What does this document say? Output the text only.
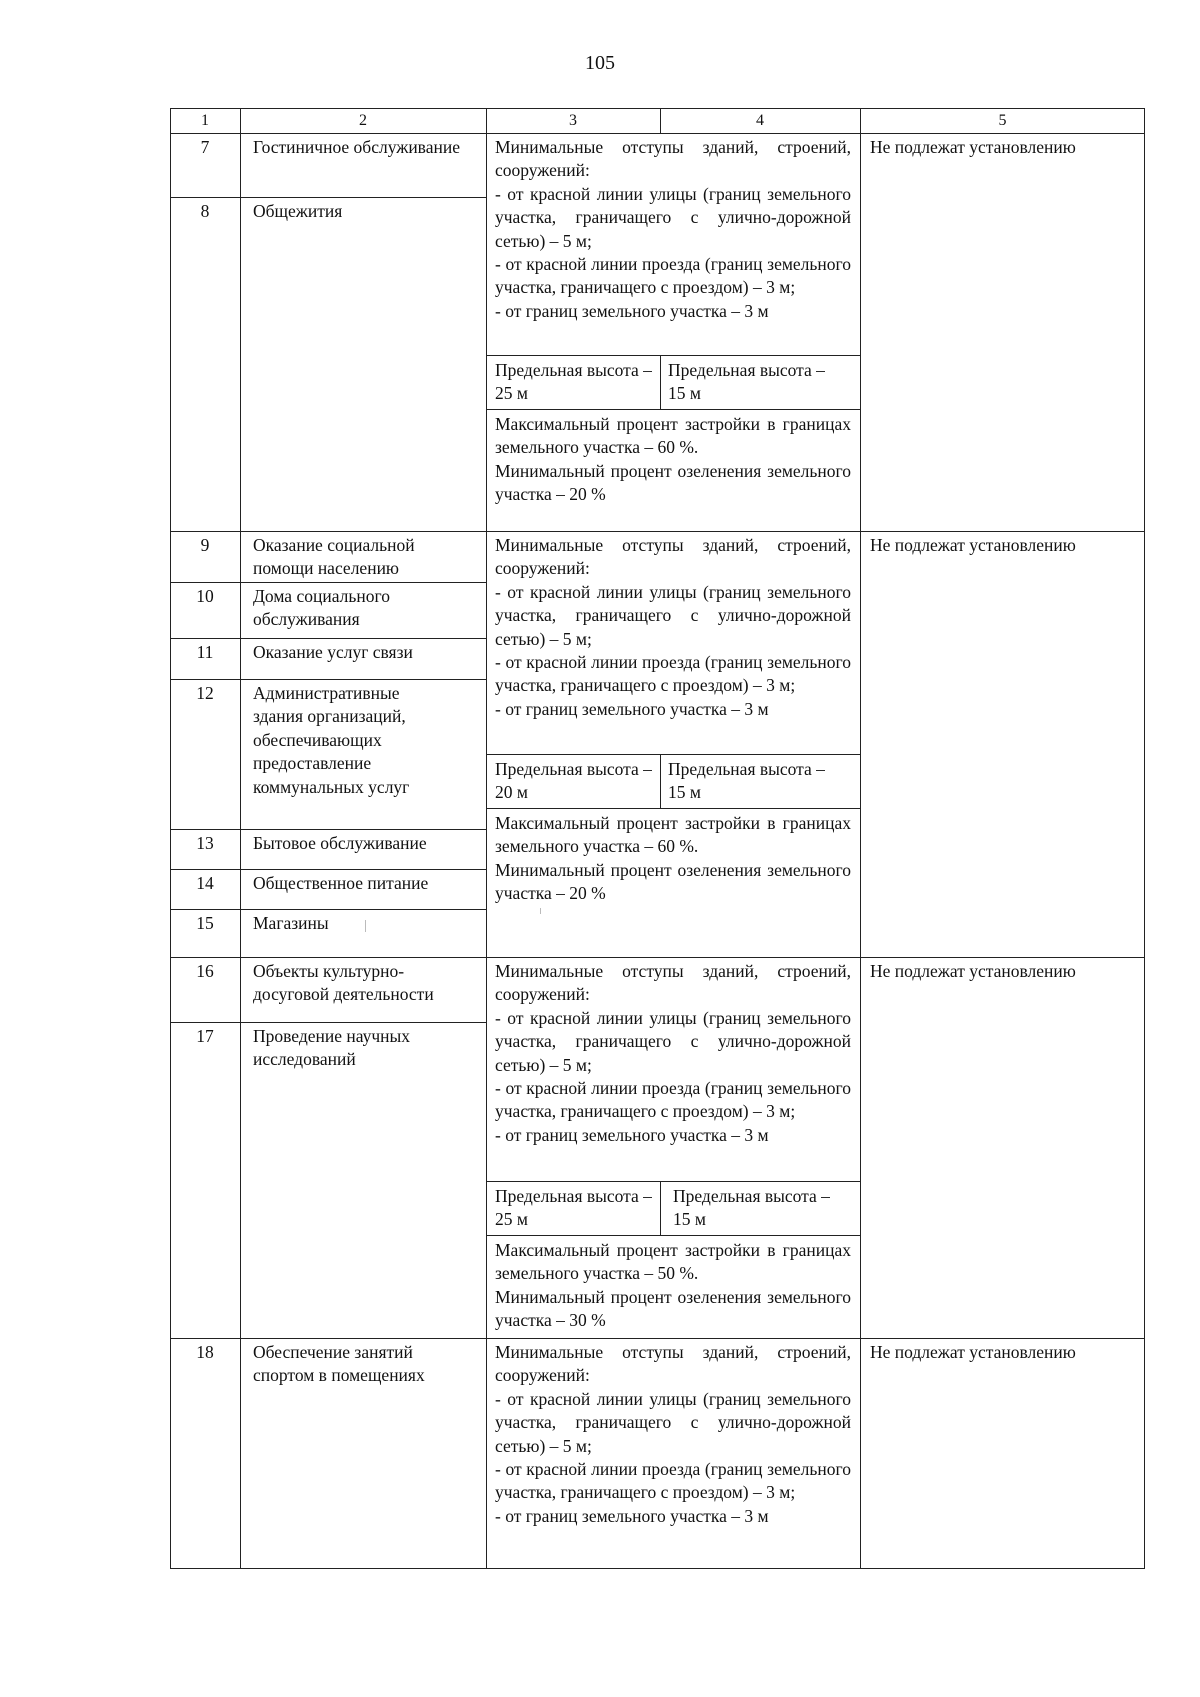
105
1	2	3	4	5
7	Гостиничное обслуживание
8	Общежития
Минимальные отступы зданий, строений, сооружений:
- от красной линии улицы (границ земельного участка, граничащего с улично-дорожной сетью) – 5 м;
- от красной линии проезда (границ земельного участка, граничащего с проездом) – 3 м;
- от границ земельного участка – 3 м
Предельная высота – 25 м
Предельная высота – 15 м
Максимальный процент застройки в границах земельного участка – 60 %.
Минимальный процент озеленения земельного участка – 20 %
Не подлежат установлению
9	Оказание социальной помощи населению
10	Дома социального обслуживания
11	Оказание услуг связи
12	Административные здания организаций, обеспечивающих предоставление коммунальных услуг
13	Бытовое обслуживание
14	Общественное питание
15	Магазины
Минимальные отступы зданий, строений, сооружений:
- от красной линии улицы (границ земельного участка, граничащего с улично-дорожной сетью) – 5 м;
- от красной линии проезда (границ земельного участка, граничащего с проездом) – 3 м;
- от границ земельного участка – 3 м
Предельная высота – 20 м
Предельная высота – 15 м
Максимальный процент застройки в границах земельного участка – 60 %.
Минимальный процент озеленения земельного участка – 20 %
Не подлежат установлению
16	Объекты культурно-досуговой деятельности
17	Проведение научных исследований
Минимальные отступы зданий, строений, сооружений:
- от красной линии улицы (границ земельного участка, граничащего с улично-дорожной сетью) – 5 м;
- от красной линии проезда (границ земельного участка, граничащего с проездом) – 3 м;
- от границ земельного участка – 3 м
Предельная высота – 25 м
Предельная высота – 15 м
Максимальный процент застройки в границах земельного участка – 50 %.
Минимальный процент озеленения земельного участка – 30 %
Не подлежат установлению
18	Обеспечение занятий спортом в помещениях
Минимальные отступы зданий, строений, сооружений:
- от красной линии улицы (границ земельного участка, граничащего с улично-дорожной сетью) – 5 м;
- от красной линии проезда (границ земельного участка, граничащего с проездом) – 3 м;
- от границ земельного участка – 3 м
Не подлежат установлению
